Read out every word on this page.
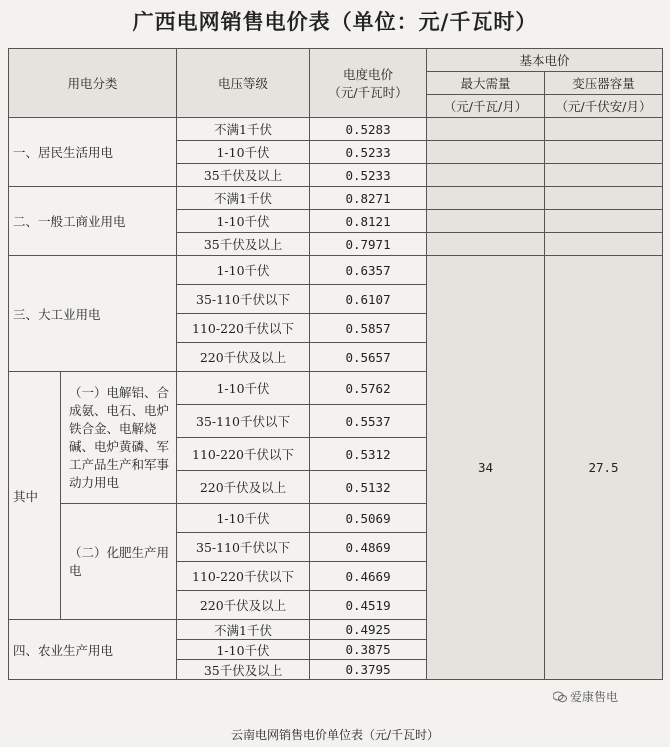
广西电网销售电价表（单位：元/千瓦时）
用电分类		电压等级	电度电价
（元/千瓦时）	基本电价		
				最大需量	变压器容量	
				（元/千瓦/月）	（元/千伏安/月）	
一、居民生活用电		不满1千伏	0.5283			
		1-10千伏	0.5233			
		35千伏及以上	0.5233			
二、一般工商业用电		不满1千伏	0.8271			
		1-10千伏	0.8121			
		35千伏及以上	0.7971			
三、大工业用电		1-10千伏	0.6357	34	27.5	
		35-110千伏以下	0.6107			
		110-220千伏以下	0.5857			
		220千伏及以上	0.5657			
其中	（一）电解铝、合成氨、电石、电炉铁合金、电解烧碱、电炉黄磷、军工产品生产和军事动力用电	1-10千伏	0.5762			
		35-110千伏以下	0.5537			
		110-220千伏以下	0.5312			
		220千伏及以上	0.5132			
	（二）化肥生产用电	1-10千伏	0.5069			
		35-110千伏以下	0.4869			
		110-220千伏以下	0.4669			
		220千伏及以上	0.4519			
四、农业生产用电		不满1千伏	0.4925			
		1-10千伏	0.3875			
		35千伏及以上	0.3795			
爱康售电
云南电网销售电价单位表（元/千瓦时）
